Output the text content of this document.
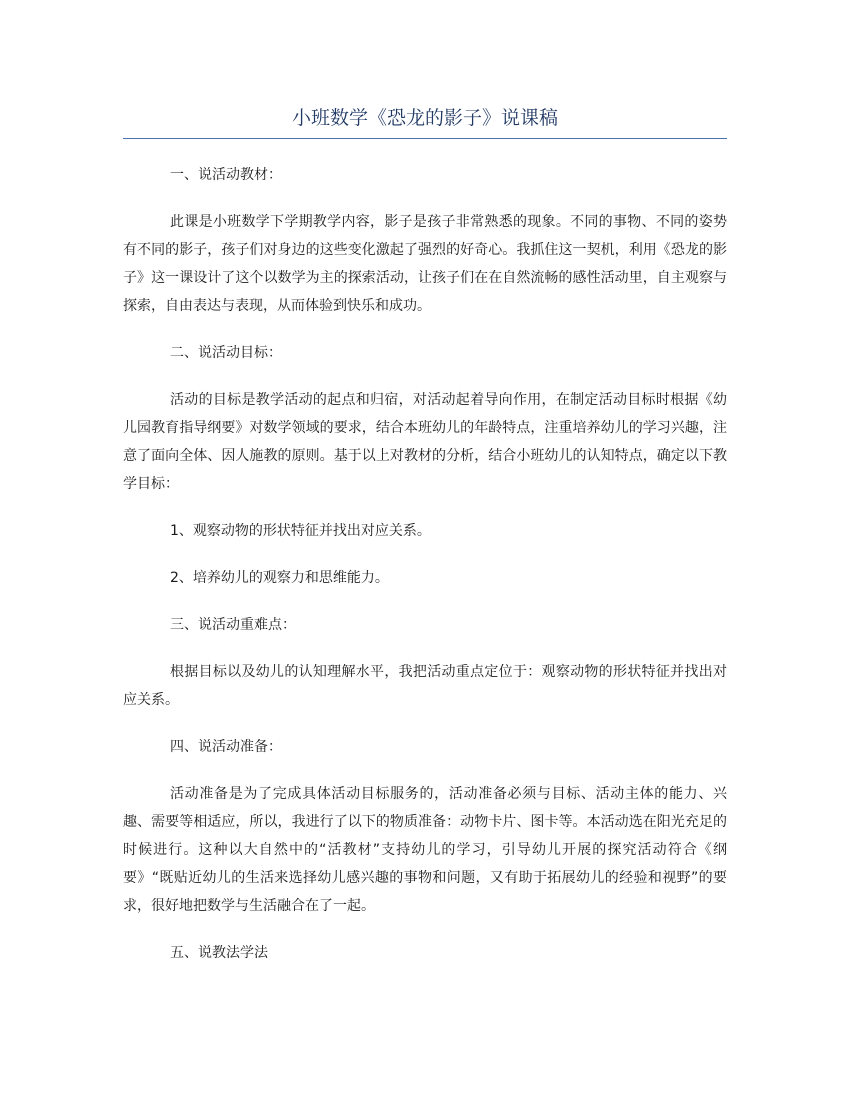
小班数学《恐龙的影子》说课稿

一、说活动教材：

此课是小班数学下学期教学内容，影子是孩子非常熟悉的现象。不同的事物、不同的姿势有不同的影子，孩子们对身边的这些变化激起了强烈的好奇心。我抓住这一契机，利用《恐龙的影子》这一课设计了这个以数学为主的探索活动，让孩子们在在自然流畅的感性活动里，自主观察与探索，自由表达与表现，从而体验到快乐和成功。

二、说活动目标：

活动的目标是教学活动的起点和归宿，对活动起着导向作用，在制定活动目标时根据《幼儿园教育指导纲要》对数学领域的要求，结合本班幼儿的年龄特点，注重培养幼儿的学习兴趣，注意了面向全体、因人施教的原则。基于以上对教材的分析，结合小班幼儿的认知特点，确定以下教学目标：

1、观察动物的形状特征并找出对应关系。

2、培养幼儿的观察力和思维能力。

三、说活动重难点：

根据目标以及幼儿的认知理解水平，我把活动重点定位于：观察动物的形状特征并找出对应关系。

四、说活动准备：

活动准备是为了完成具体活动目标服务的，活动准备必须与目标、活动主体的能力、兴趣、需要等相适应，所以，我进行了以下的物质准备：动物卡片、图卡等。本活动选在阳光充足的时候进行。这种以大自然中的“活教材”支持幼儿的学习，引导幼儿开展的探究活动符合《纲要》“既贴近幼儿的生活来选择幼儿感兴趣的事物和问题，又有助于拓展幼儿的经验和视野”的要求，很好地把数学与生活融合在了一起。

五、说教法学法
